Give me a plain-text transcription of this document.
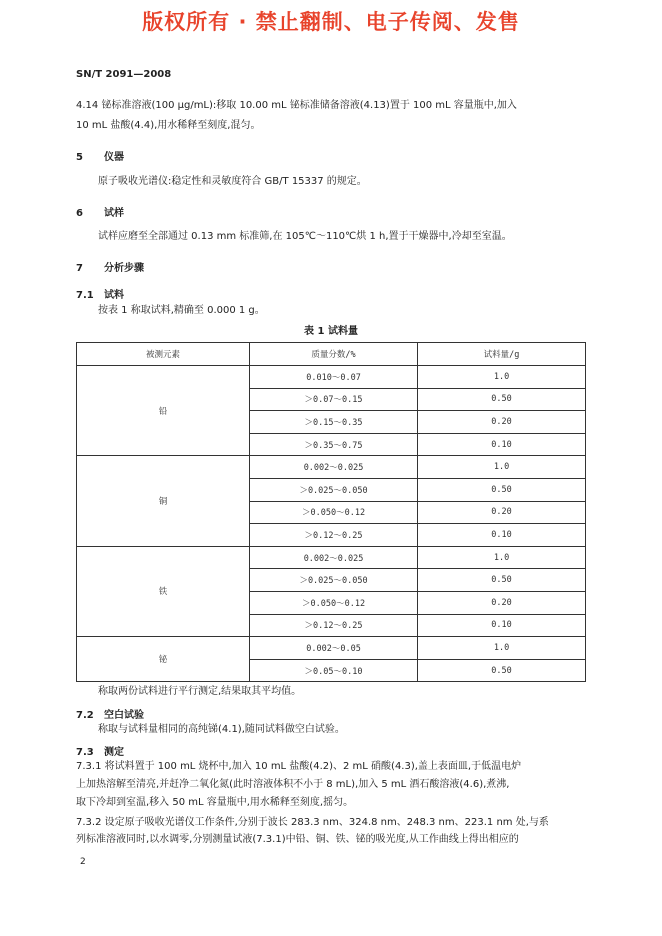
版权所有 · 禁止翻制、电子传阅、发售
SN/T 2091—2008
4.14 铋标准溶液(100 μg/mL):移取 10.00 mL 铋标准储备溶液(4.13)置于 100 mL 容量瓶中,加入
10 mL 盐酸(4.4),用水稀释至刻度,混匀。
5 仪器
原子吸收光谱仪:稳定性和灵敏度符合 GB/T 15337 的规定。
6 试样
试样应磨至全部通过 0.13 mm 标准筛,在 105℃～110℃烘 1 h,置于干燥器中,冷却至室温。
7 分析步骤
7.1 试料
按表 1 称取试料,精确至 0.000 1 g。
表 1 试料量
被测元素	质量分数/%	试料量/g
铅	0.010～0.07	1.0
	＞0.07～0.15	0.50
	＞0.15～0.35	0.20
	＞0.35～0.75	0.10
铜	0.002～0.025	1.0
	＞0.025～0.050	0.50
	＞0.050～0.12	0.20
	＞0.12～0.25	0.10
铁	0.002～0.025	1.0
	＞0.025～0.050	0.50
	＞0.050～0.12	0.20
	＞0.12～0.25	0.10
铋	0.002～0.05	1.0
	＞0.05～0.10	0.50
称取两份试料进行平行测定,结果取其平均值。
7.2 空白试验
称取与试料量相同的高纯锑(4.1),随同试料做空白试验。
7.3 测定
7.3.1 将试料置于 100 mL 烧杯中,加入 10 mL 盐酸(4.2)、2 mL 硝酸(4.3),盖上表面皿,于低温电炉
上加热溶解至清亮,并赶净二氧化氮(此时溶液体积不小于 8 mL),加入 5 mL 酒石酸溶液(4.6),煮沸,
取下冷却到室温,移入 50 mL 容量瓶中,用水稀释至刻度,摇匀。
7.3.2 设定原子吸收光谱仪工作条件,分别于波长 283.3 nm、324.8 nm、248.3 nm、223.1 nm 处,与系
列标准溶液同时,以水调零,分别测量试液(7.3.1)中铅、铜、铁、铋的吸光度,从工作曲线上得出相应的
2
